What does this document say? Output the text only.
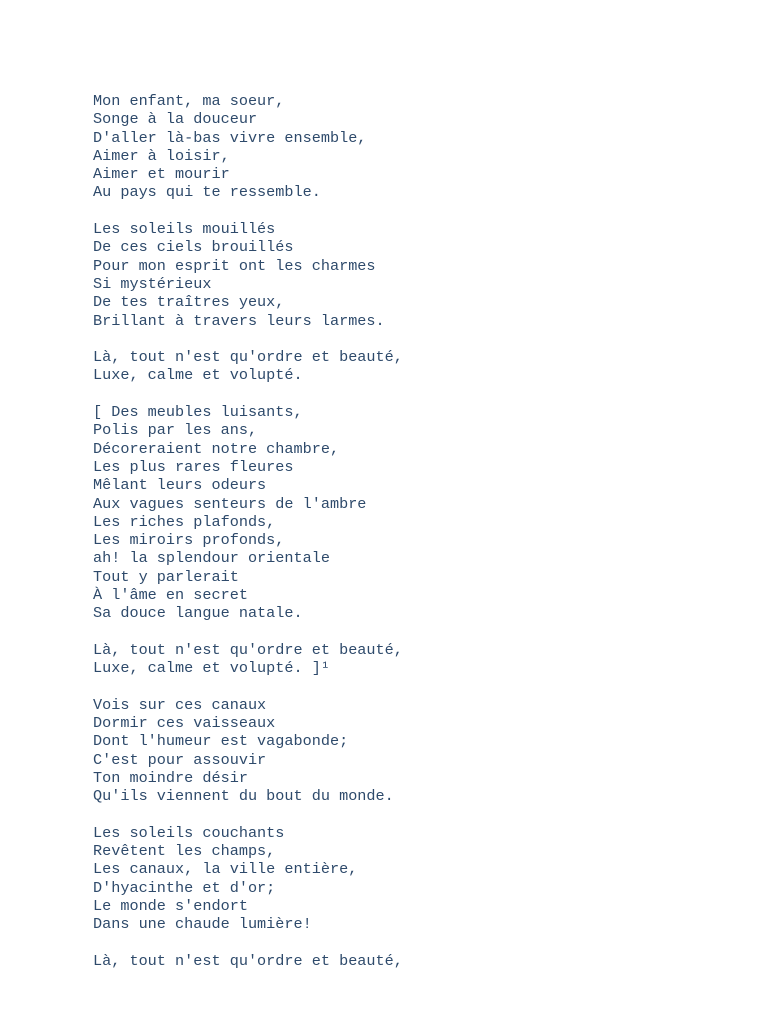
Mon enfant, ma soeur,
Songe à la douceur
D'aller là-bas vivre ensemble,
Aimer à loisir,
Aimer et mourir
Au pays qui te ressemble.
Les soleils mouillés
De ces ciels brouillés
Pour mon esprit ont les charmes
Si mystérieux
De tes traîtres yeux,
Brillant à travers leurs larmes.
Là, tout n'est qu'ordre et beauté,
Luxe, calme et volupté.
[ Des meubles luisants,
Polis par les ans,
Décoreraient notre chambre,
Les plus rares fleures
Mêlant leurs odeurs
Aux vagues senteurs de l'ambre
Les riches plafonds,
Les miroirs profonds,
ah! la splendour orientale
Tout y parlerait
À l'âme en secret
Sa douce langue natale.
Là, tout n'est qu'ordre et beauté,
Luxe, calme et volupté. ]¹
Vois sur ces canaux
Dormir ces vaisseaux
Dont l'humeur est vagabonde;
C'est pour assouvir
Ton moindre désir
Qu'ils viennent du bout du monde.
Les soleils couchants
Revêtent les champs,
Les canaux, la ville entière,
D'hyacinthe et d'or;
Le monde s'endort
Dans une chaude lumière!
Là, tout n'est qu'ordre et beauté,
